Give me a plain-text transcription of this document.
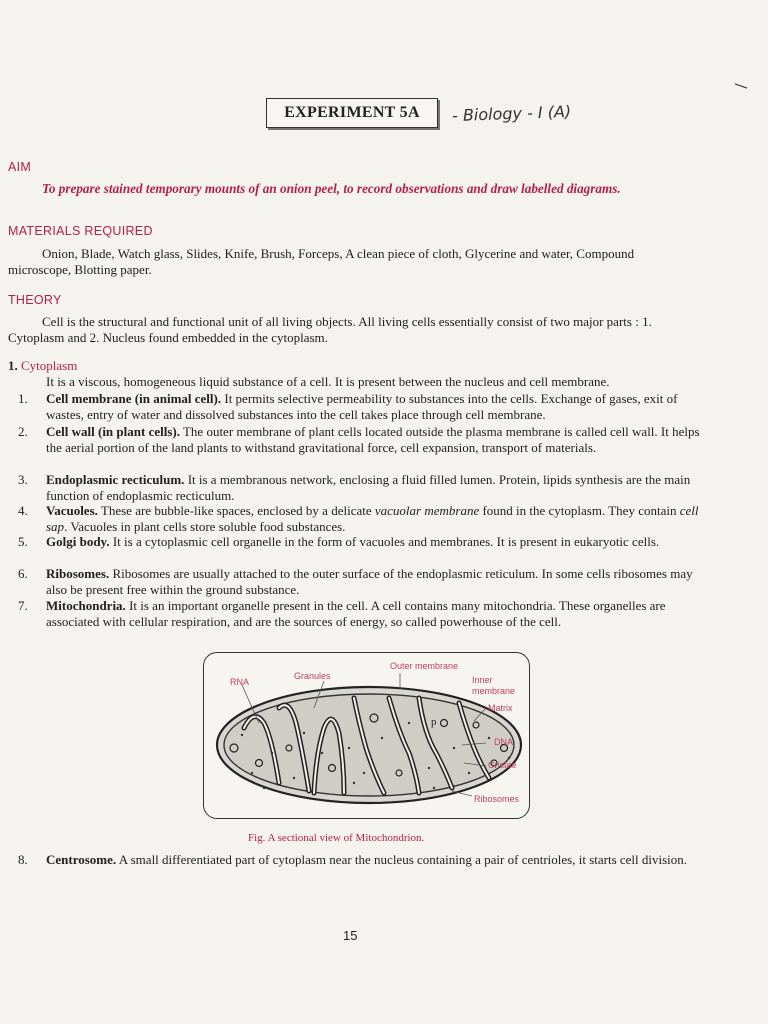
EXPERIMENT 5A	- Biology - I (A)
AIM
To prepare stained temporary mounts of an onion peel, to record observations and draw labelled diagrams.
MATERIALS REQUIRED
Onion, Blade, Watch glass, Slides, Knife, Brush, Forceps, A clean piece of cloth, Glycerine and water, Compound microscope, Blotting paper.
THEORY
Cell is the structural and functional unit of all living objects. All living cells essentially consist of two major parts : 1. Cytoplasm and 2. Nucleus found embedded in the cytoplasm.
1. Cytoplasm
It is a viscous, homogeneous liquid substance of a cell. It is present between the nucleus and cell membrane.
1.	Cell membrane (in animal cell). It permits selective permeability to substances into the cells. Exchange of gases, exit of wastes, entry of water and dissolved substances into the cell takes place through cell membrane.
2.	Cell wall (in plant cells). The outer membrane of plant cells located outside the plasma membrane is called cell wall. It helps the aerial portion of the land plants to withstand gravitational force, cell expansion, transport of materials.
3.	Endoplasmic recticulum. It is a membranous network, enclosing a fluid filled lumen. Protein, lipids synthesis are the main function of endoplasmic recticulum.
4.	Vacuoles. These are bubble-like spaces, enclosed by a delicate vacuolar membrane found in the cytoplasm. They contain cell sap. Vacuoles in plant cells store soluble food substances.
5.	Golgi body. It is a cytoplasmic cell organelle in the form of vacuoles and membranes. It is present in eukaryotic cells.
6.	Ribosomes. Ribosomes are usually attached to the outer surface of the endoplasmic reticulum. In some cells ribosomes may also be present free within the ground substance.
7.	Mitochondria. It is an important organelle present in the cell. A cell contains many mitochondria. These organelles are associated with cellular respiration, and are the sources of energy, so called powerhouse of the cell.
p
Outer membrane
RNA
Granules	Inner
membrane
Matrix
DNA
Cristae
Ribosomes
Fig. A sectional view of Mitochondrion.
8.	Centrosome. A small differentiated part of cytoplasm near the nucleus containing a pair of centrioles, it starts cell division.
15
